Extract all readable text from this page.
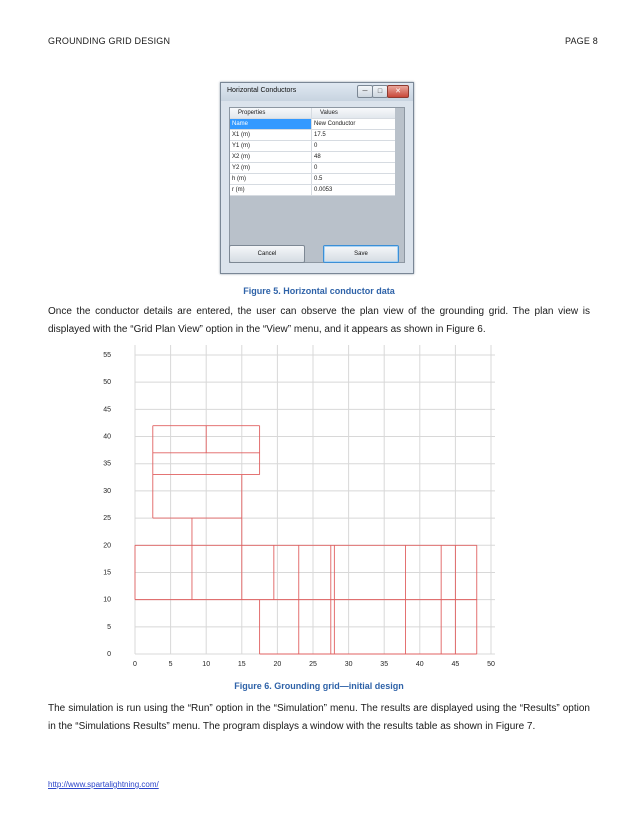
GROUNDING GRID DESIGN	PAGE 8
Horizontal Conductors	─	□	✕
Properties	Values
Name	New Conductor
X1 (m)	17.5
Y1 (m)	0
X2 (m)	48
Y2 (m)	0
h (m)	0.5
r (m)	0.0053
Cancel	Save
Figure 5. Horizontal conductor data
Once the conductor details are entered, the user can observe the plan view of the grounding grid. The plan view is displayed with the “Grid Plan View” option in the “View” menu, and it appears as shown in Figure 6.
0	5	10	15	20	25	30	35	40	45	50
0
5
10
15
20
25
30
35
40
45
50
55
Figure 6. Grounding grid—initial design
The simulation is run using the “Run” option in the “Simulation” menu. The results are displayed using the “Results” option in the “Simulations Results” menu. The program displays a window with the results table as shown in Figure 7.
http://www.spartalightning.com/
